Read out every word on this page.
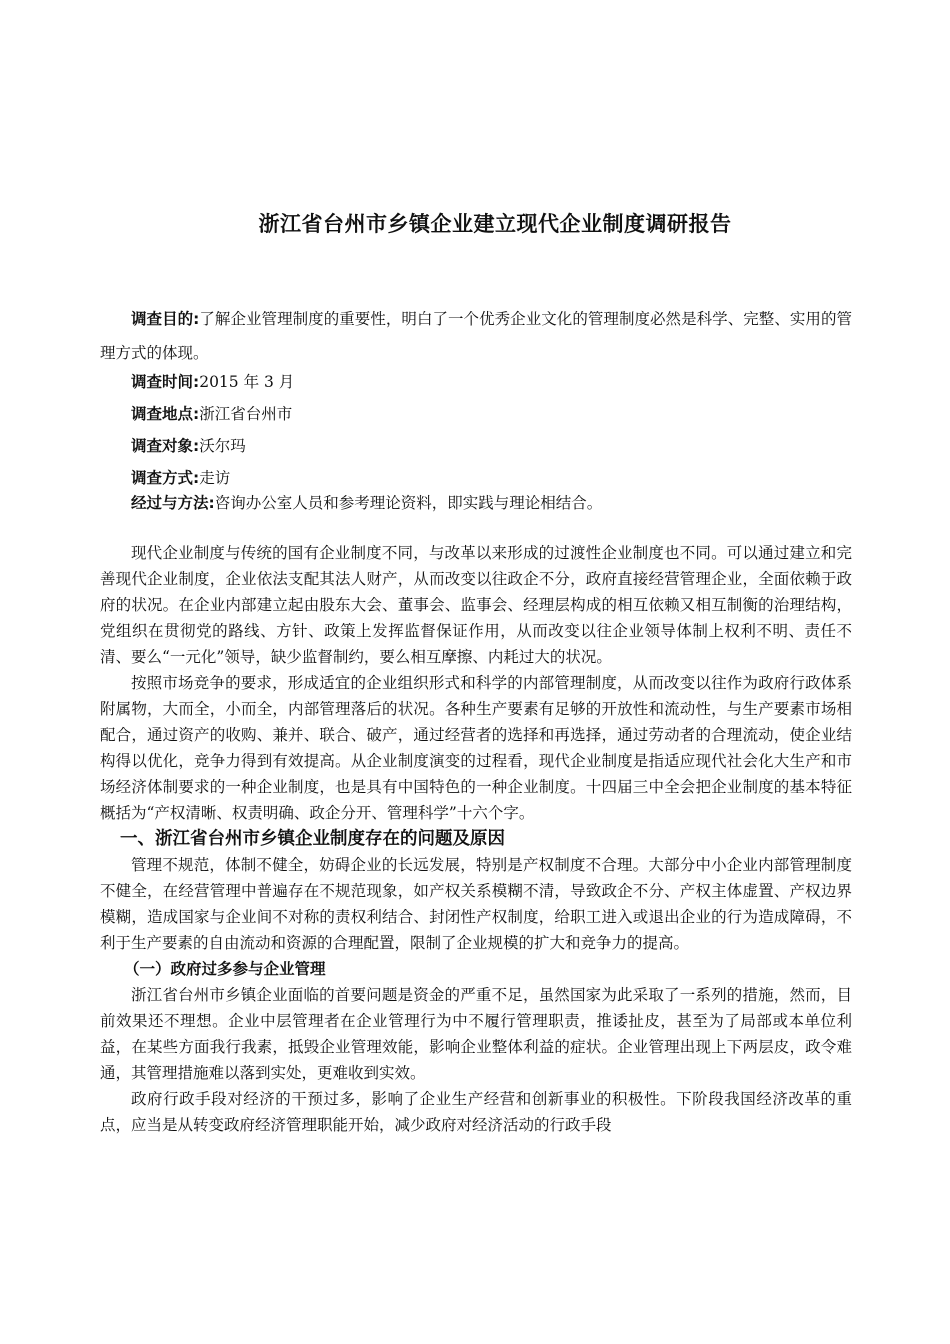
浙江省台州市乡镇企业建立现代企业制度调研报告
调查目的:了解企业管理制度的重要性，明白了一个优秀企业文化的管理制度必然是科学、完整、实用的管理方式的体现。
调查时间:2015 年 3 月
调查地点:浙江省台州市
调查对象:沃尔玛
调查方式:走访
经过与方法:咨询办公室人员和参考理论资料，即实践与理论相结合。

现代企业制度与传统的国有企业制度不同，与改革以来形成的过渡性企业制度也不同。可以通过建立和完善现代企业制度，企业依法支配其法人财产，从而改变以往政企不分，政府直接经营管理企业，全面依赖于政府的状况。在企业内部建立起由股东大会、董事会、监事会、经理层构成的相互依赖又相互制衡的治理结构，党组织在贯彻党的路线、方针、政策上发挥监督保证作用，从而改变以往企业领导体制上权利不明、责任不清、要么“一元化”领导，缺少监督制约，要么相互摩擦、内耗过大的状况。

按照市场竞争的要求，形成适宜的企业组织形式和科学的内部管理制度，从而改变以往作为政府行政体系附属物，大而全，小而全，内部管理落后的状况。各种生产要素有足够的开放性和流动性，与生产要素市场相配合，通过资产的收购、兼并、联合、破产，通过经营者的选择和再选择，通过劳动者的合理流动，使企业结构得以优化，竞争力得到有效提高。从企业制度演变的过程看，现代企业制度是指适应现代社会化大生产和市场经济体制要求的一种企业制度，也是具有中国特色的一种企业制度。十四届三中全会把企业制度的基本特征概括为“产权清晰、权责明确、政企分开、管理科学”十六个字。

一、浙江省台州市乡镇企业制度存在的问题及原因

管理不规范，体制不健全，妨碍企业的长远发展，特别是产权制度不合理。大部分中小企业内部管理制度不健全，在经营管理中普遍存在不规范现象，如产权关系模糊不清，导致政企不分、产权主体虚置、产权边界模糊，造成国家与企业间不对称的责权利结合、封闭性产权制度，给职工进入或退出企业的行为造成障碍，不利于生产要素的自由流动和资源的合理配置，限制了企业规模的扩大和竞争力的提高。

（一）政府过多参与企业管理

浙江省台州市乡镇企业面临的首要问题是资金的严重不足，虽然国家为此采取了一系列的措施，然而，目前效果还不理想。企业中层管理者在企业管理行为中不履行管理职责，推诿扯皮，甚至为了局部或本单位利益，在某些方面我行我素，抵毁企业管理效能，影响企业整体利益的症状。企业管理出现上下两层皮，政令难通，其管理措施难以落到实处，更难收到实效。

政府行政手段对经济的干预过多，影响了企业生产经营和创新事业的积极性。下阶段我国经济改革的重点，应当是从转变政府经济管理职能开始，减少政府对经济活动的行政手段
